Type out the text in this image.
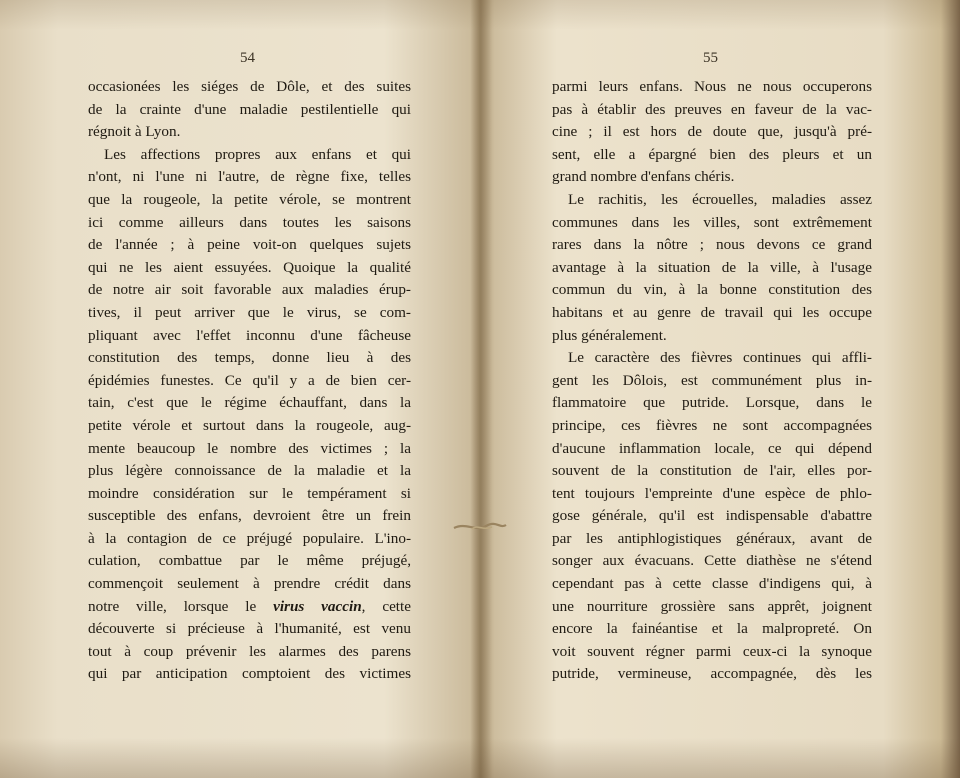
54
occasionées les siéges de Dôle, et des suites
de la crainte d'une maladie pestilentielle qui
régnoit à Lyon.
Les affections propres aux enfans et qui
n'ont, ni l'une ni l'autre, de règne fixe, telles
que la rougeole, la petite vérole, se montrent
ici comme ailleurs dans toutes les saisons
de l'année ; à peine voit-on quelques sujets
qui ne les aient essuyées. Quoique la qualité
de notre air soit favorable aux maladies érup-
tives, il peut arriver que le virus, se com-
pliquant avec l'effet inconnu d'une fâcheuse
constitution des temps, donne lieu à des
épidémies funestes. Ce qu'il y a de bien cer-
tain, c'est que le régime échauffant, dans la
petite vérole et surtout dans la rougeole, aug-
mente beaucoup le nombre des victimes ; la
plus légère connoissance de la maladie et la
moindre considération sur le tempérament si
susceptible des enfans, devroient être un frein
à la contagion de ce préjugé populaire. L'ino-
culation, combattue par le même préjugé,
commençoit seulement à prendre crédit dans
notre ville, lorsque le virus vaccin, cette
découverte si précieuse à l'humanité, est venu
tout à coup prévenir les alarmes des parens
qui par anticipation comptoient des victimes
55
parmi leurs enfans. Nous ne nous occuperons
pas à établir des preuves en faveur de la vac-
cine ; il est hors de doute que, jusqu'à pré-
sent, elle a épargné bien des pleurs et un
grand nombre d'enfans chéris.
Le rachitis, les écrouelles, maladies assez
communes dans les villes, sont extrêmement
rares dans la nôtre ; nous devons ce grand
avantage à la situation de la ville, à l'usage
commun du vin, à la bonne constitution des
habitans et au genre de travail qui les occupe
plus généralement.
Le caractère des fièvres continues qui affli-
gent les Dôlois, est communément plus in-
flammatoire que putride. Lorsque, dans le
principe, ces fièvres ne sont accompagnées
d'aucune inflammation locale, ce qui dépend
souvent de la constitution de l'air, elles por-
tent toujours l'empreinte d'une espèce de phlo-
gose générale, qu'il est indispensable d'abattre
par les antiphlogistiques généraux, avant de
songer aux évacuans. Cette diathèse ne s'étend
cependant pas à cette classe d'indigens qui, à
une nourriture grossière sans apprêt, joignent
encore la fainéantise et la malpropreté. On
voit souvent régner parmi ceux-ci la synoque
putride, vermineuse, accompagnée, dès les
